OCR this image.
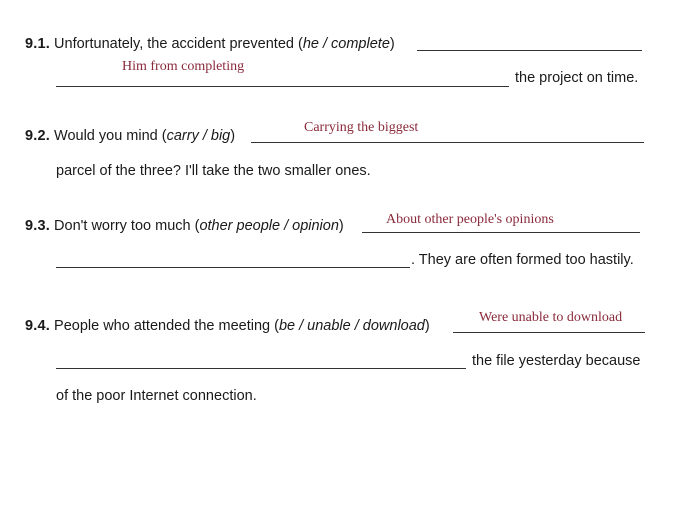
9.1. Unfortunately, the accident prevented (he / complete)
Him from completing
the project on time.
9.2. Would you mind (carry / big)
Carrying the biggest
parcel of the three? I'll take the two smaller ones.
9.3. Don't worry too much (other people / opinion)	About other people's opinions
. They are often formed too hastily.
9.4. People who attended the meeting (be / unable / download)
Were unable to download
the file yesterday because
of the poor Internet connection.
